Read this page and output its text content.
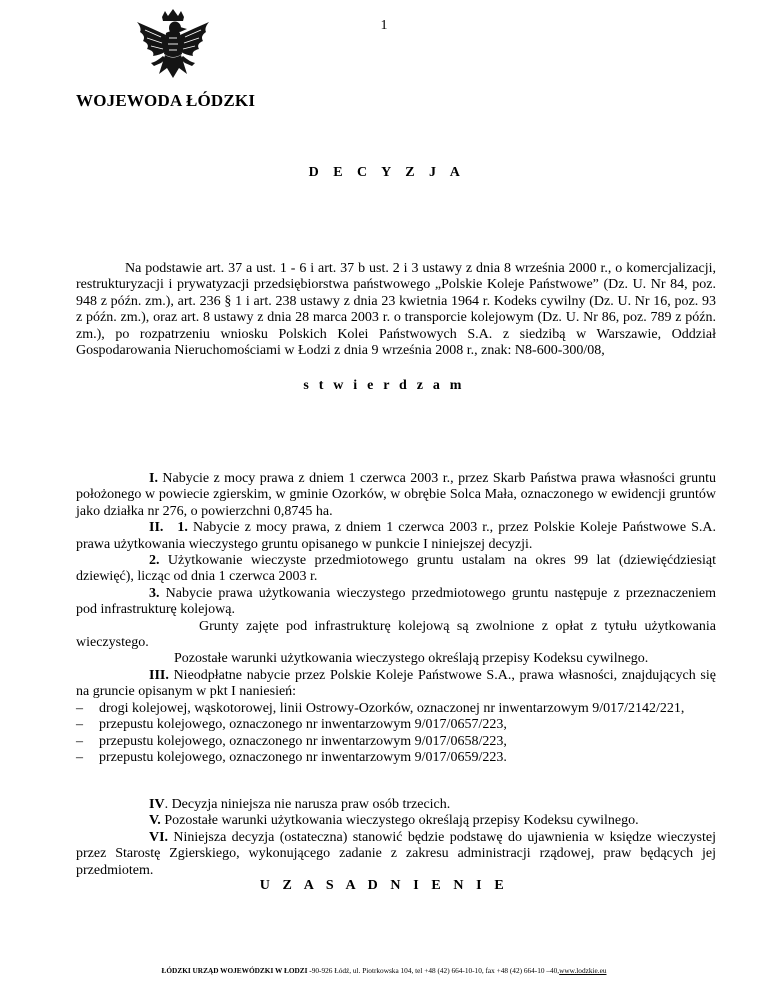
1
WOJEWODA ŁÓDZKI
D E C Y Z J A

Na podstawie art. 37 a ust. 1 - 6 i art. 37 b ust. 2 i 3 ustawy z dnia 8 września 2000 r., o komercjalizacji, restrukturyzacji i prywatyzacji przedsiębiorstwa państwowego „Polskie Koleje Państwowe” (Dz. U. Nr 84, poz. 948 z późn. zm.), art. 236 § 1 i art. 238 ustawy z dnia 23 kwietnia 1964 r. Kodeks cywilny (Dz. U. Nr 16, poz. 93 z późn. zm.), oraz art. 8 ustawy z dnia 28 marca 2003 r. o transporcie kolejowym (Dz. U. Nr 86, poz. 789 z późn. zm.), po rozpatrzeniu wniosku Polskich Kolei Państwowych S.A. z siedzibą w Warszawie, Oddział Gospodarowania Nieruchomościami w Łodzi z dnia 9 września 2008 r., znak: N8-600-300/08,

s t w i e r d z a m

I. Nabycie z mocy prawa z dniem 1 czerwca 2003 r., przez Skarb Państwa prawa własności gruntu położonego w powiecie zgierskim, w gminie Ozorków, w obrębie Solca Mała, oznaczonego w ewidencji gruntów jako działka nr 276, o powierzchni 0,8745 ha.

II. 1. Nabycie z mocy prawa, z dniem 1 czerwca 2003 r., przez Polskie Koleje Państwowe S.A. prawa użytkowania wieczystego gruntu opisanego w punkcie I niniejszej decyzji.

2. Użytkowanie wieczyste przedmiotowego gruntu ustalam na okres 99 lat (dziewięćdziesiąt dziewięć), licząc od dnia 1 czerwca 2003 r.

3. Nabycie prawa użytkowania wieczystego przedmiotowego gruntu następuje z przeznaczeniem pod infrastrukturę kolejową.

Grunty zajęte pod infrastrukturę kolejową są zwolnione z opłat z tytułu użytkowania wieczystego.

Pozostałe warunki użytkowania wieczystego określają przepisy Kodeksu cywilnego.

III. Nieodpłatne nabycie przez Polskie Koleje Państwowe S.A., prawa własności, znajdujących się na gruncie opisanym w pkt I naniesień:

– drogi kolejowej, wąskotorowej, linii Ostrowy-Ozorków, oznaczonej nr inwentarzowym 9/017/2142/221,
– przepustu kolejowego, oznaczonego nr inwentarzowym 9/017/0657/223,
– przepustu kolejowego, oznaczonego nr inwentarzowym 9/017/0658/223,
– przepustu kolejowego, oznaczonego nr inwentarzowym 9/017/0659/223.

IV. Decyzja niniejsza nie narusza praw osób trzecich.

V. Pozostałe warunki użytkowania wieczystego określają przepisy Kodeksu cywilnego.

VI. Niniejsza decyzja (ostateczna) stanowić będzie podstawę do ujawnienia w księdze wieczystej przez Starostę Zgierskiego, wykonującego zadanie z zakresu administracji rządowej, praw będących jej przedmiotem.

U Z A S A D N I E N I E
ŁÓDZKI URZĄD WOJEWÓDZKI W ŁODZI -90-926 Łódź, ul. Piotrkowska 104, tel +48 (42) 664-10-10, fax +48 (42) 664-10 –40,www.lodzkie.eu
